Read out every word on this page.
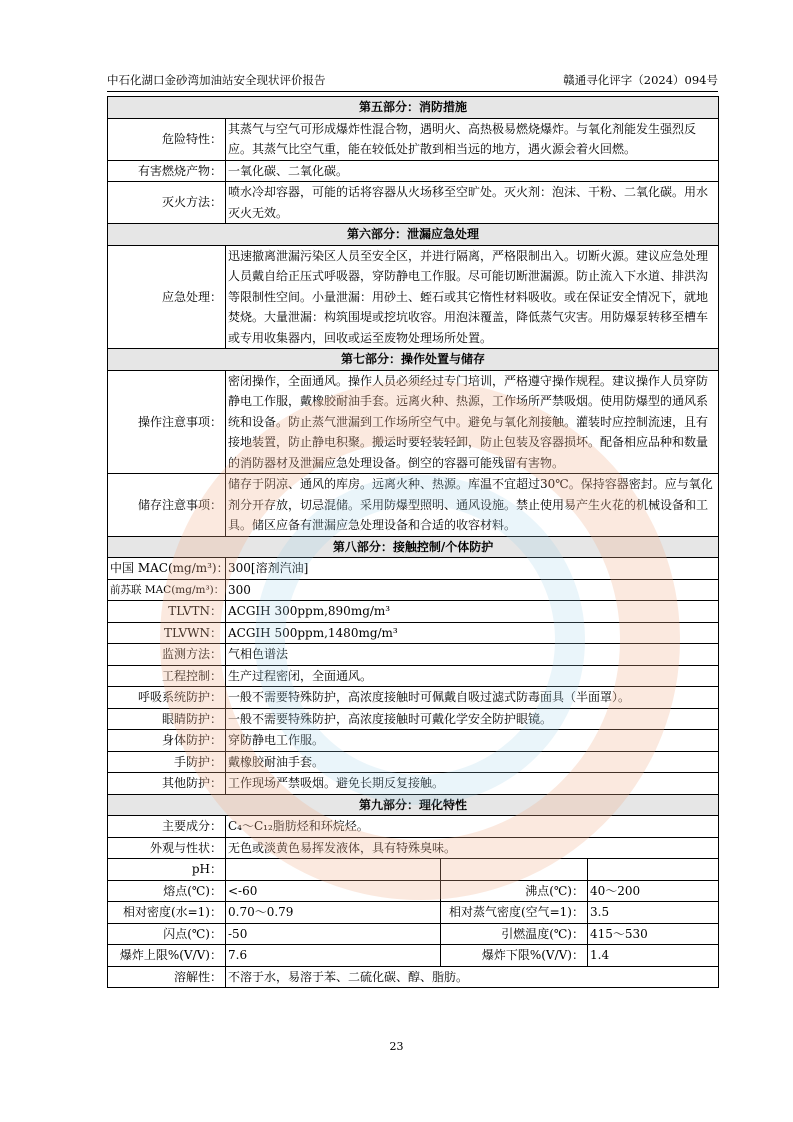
中石化湖口金砂湾加油站安全现状评价报告	赣通寻化评字（2024）094号
第五部分：消防措施			
危险特性：	其蒸气与空气可形成爆炸性混合物，遇明火、高热极易燃烧爆炸。与氧化剂能发生强烈反应。其蒸气比空气重，能在较低处扩散到相当远的地方，遇火源会着火回燃。		
有害燃烧产物：	一氧化碳、二氧化碳。		
灭火方法：	喷水冷却容器，可能的话将容器从火场移至空旷处。灭火剂：泡沫、干粉、二氧化碳。用水灭火无效。		
第六部分：泄漏应急处理			
应急处理：	迅速撤离泄漏污染区人员至安全区，并进行隔离，严格限制出入。切断火源。建议应急处理人员戴自给正压式呼吸器，穿防静电工作服。尽可能切断泄漏源。防止流入下水道、排洪沟等限制性空间。小量泄漏：用砂土、蛭石或其它惰性材料吸收。或在保证安全情况下，就地焚烧。大量泄漏：构筑围堤或挖坑收容。用泡沫覆盖，降低蒸气灾害。用防爆泵转移至槽车或专用收集器内，回收或运至废物处理场所处置。		
第七部分：操作处置与储存			
操作注意事项：	密闭操作，全面通风。操作人员必须经过专门培训，严格遵守操作规程。建议操作人员穿防静电工作服，戴橡胶耐油手套。远离火种、热源，工作场所严禁吸烟。使用防爆型的通风系统和设备。防止蒸气泄漏到工作场所空气中。避免与氧化剂接触。灌装时应控制流速，且有接地装置，防止静电积聚。搬运时要轻装轻卸，防止包装及容器损坏。配备相应品种和数量的消防器材及泄漏应急处理设备。倒空的容器可能残留有害物。		
储存注意事项：	储存于阴凉、通风的库房。远离火种、热源。库温不宜超过30℃。保持容器密封。应与氧化剂分开存放，切忌混储。采用防爆型照明、通风设施。禁止使用易产生火花的机械设备和工具。储区应备有泄漏应急处理设备和合适的收容材料。		
第八部分：接触控制/个体防护			
中国 MAC(mg/m³)：	300[溶剂汽油]		
前苏联 MAC(mg/m³)：	300		
TLVTN：	ACGIH 300ppm,890mg/m³		
TLVWN：	ACGIH 500ppm,1480mg/m³		
监测方法：	气相色谱法		
工程控制：	生产过程密闭，全面通风。		
呼吸系统防护：	一般不需要特殊防护，高浓度接触时可佩戴自吸过滤式防毒面具（半面罩）。		
眼睛防护：	一般不需要特殊防护，高浓度接触时可戴化学安全防护眼镜。		
身体防护：	穿防静电工作服。		
手防护：	戴橡胶耐油手套。		
其他防护：	工作现场严禁吸烟。避免长期反复接触。		
第九部分：理化特性			
主要成分：	C₄～C₁₂脂肪烃和环烷烃。		
外观与性状：	无色或淡黄色易挥发液体，具有特殊臭味。		
pH：			
熔点(℃)：	<-60	沸点(℃)：	40～200
相对密度(水=1)：	0.70～0.79	相对蒸气密度(空气=1)：	3.5
闪点(℃)：	-50	引燃温度(℃)：	415～530
爆炸上限%(V/V)：	7.6	爆炸下限%(V/V)：	1.4
溶解性：	不溶于水，易溶于苯、二硫化碳、醇、脂肪。		
23
